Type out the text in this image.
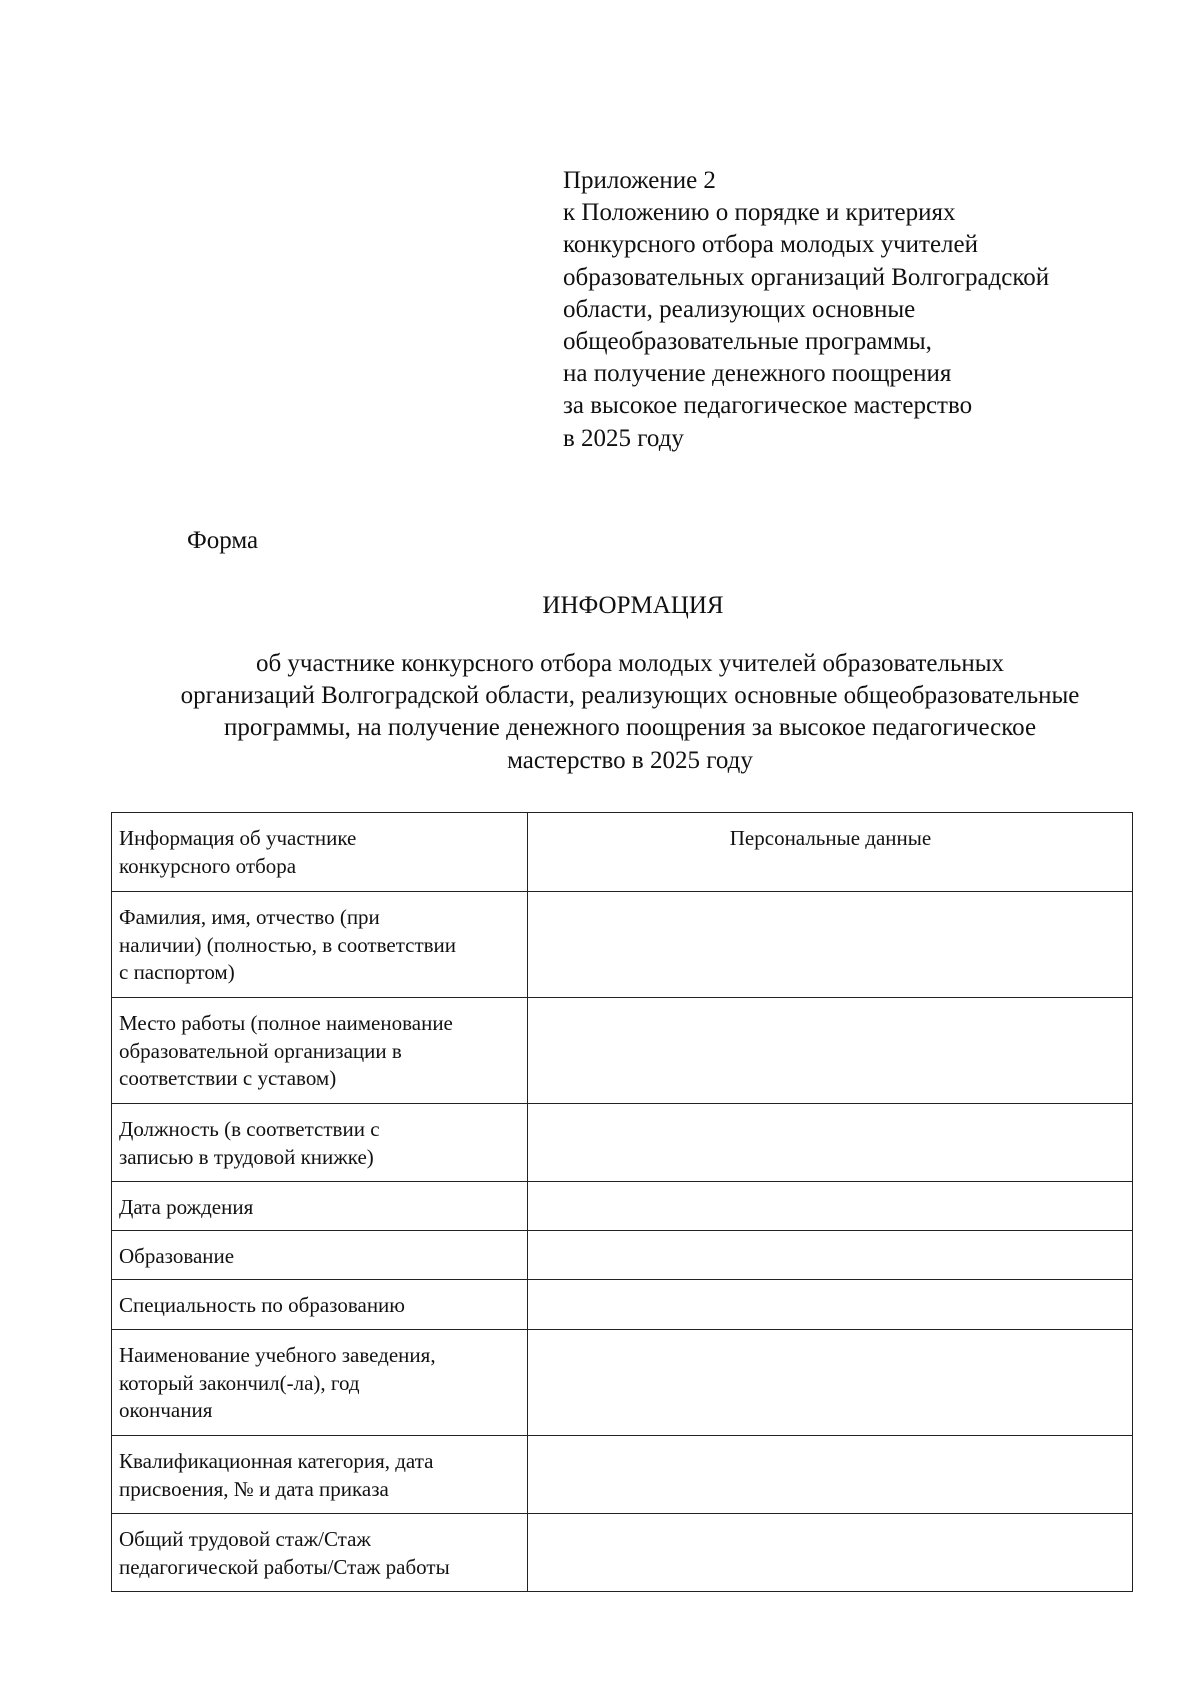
Приложение 2
к Положению о порядке и критериях
конкурсного отбора молодых учителей
образовательных организаций Волгоградской
области, реализующих основные
общеобразовательные программы,
на получение денежного поощрения
за высокое педагогическое мастерство
в 2025 году
Форма
ИНФОРМАЦИЯ
об участнике конкурсного отбора молодых учителей образовательных
организаций Волгоградской области, реализующих основные общеобразовательные
программы, на получение денежного поощрения за высокое педагогическое
мастерство в 2025 году
Информация об участнике
конкурсного отбора	Персональные данные

Фамилия, имя, отчество (при
наличии) (полностью, в соответствии
с паспортом)	

Место работы (полное наименование
образовательной организации в
соответствии с уставом)	

Должность (в соответствии с
записью в трудовой книжке)	

Дата рождения	

Образование	

Специальность по образованию	

Наименование учебного заведения,
который закончил(-ла), год
окончания	

Квалификационная категория, дата
присвоения, № и дата приказа	

Общий трудовой стаж/Стаж
педагогической работы/Стаж работы	
